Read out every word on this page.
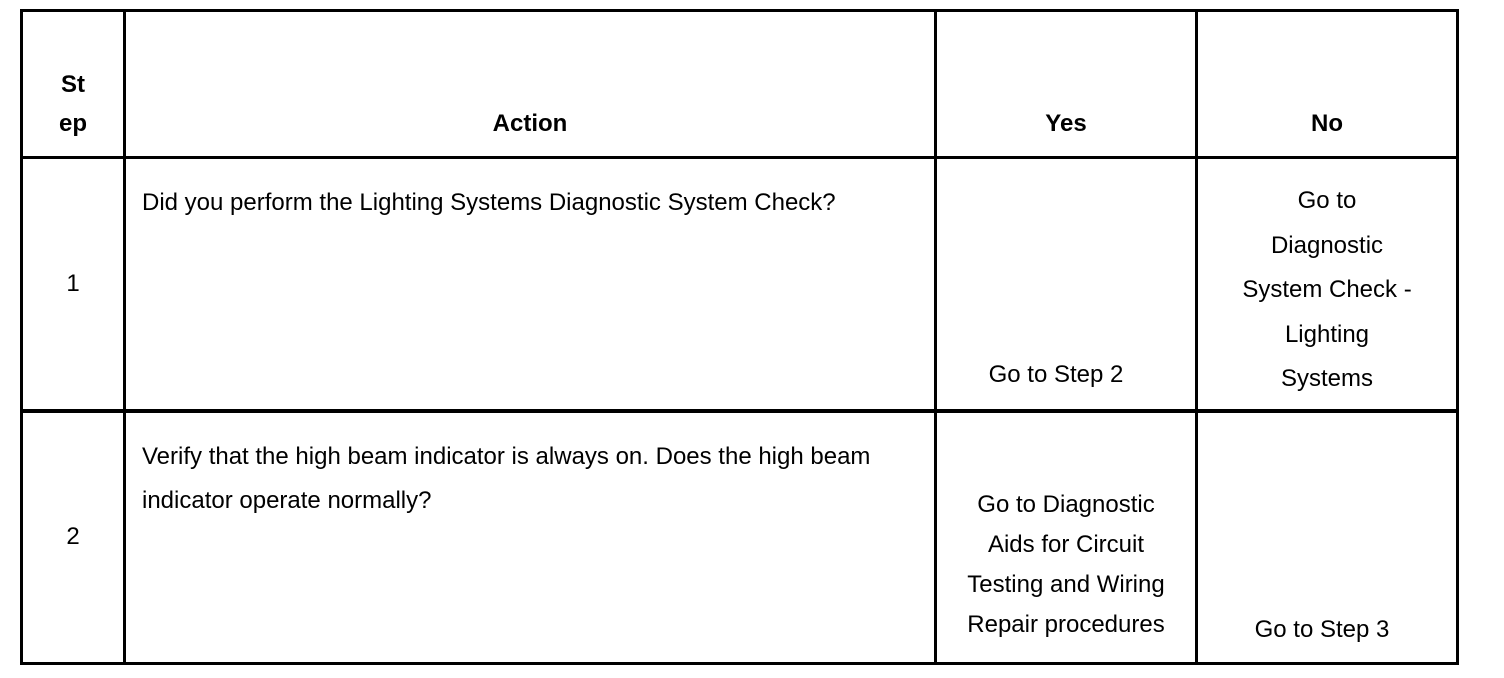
St
ep	Action	Yes	No
1	Did you perform the Lighting Systems Diagnostic System Check?	Go to Step 2	Go to
Diagnostic
System Check -
Lighting
Systems

2	Verify that the high beam indicator is always on. Does the high beam indicator operate normally?	Go to Diagnostic
Aids for Circuit
Testing and Wiring
Repair procedures	Go to Step 3
